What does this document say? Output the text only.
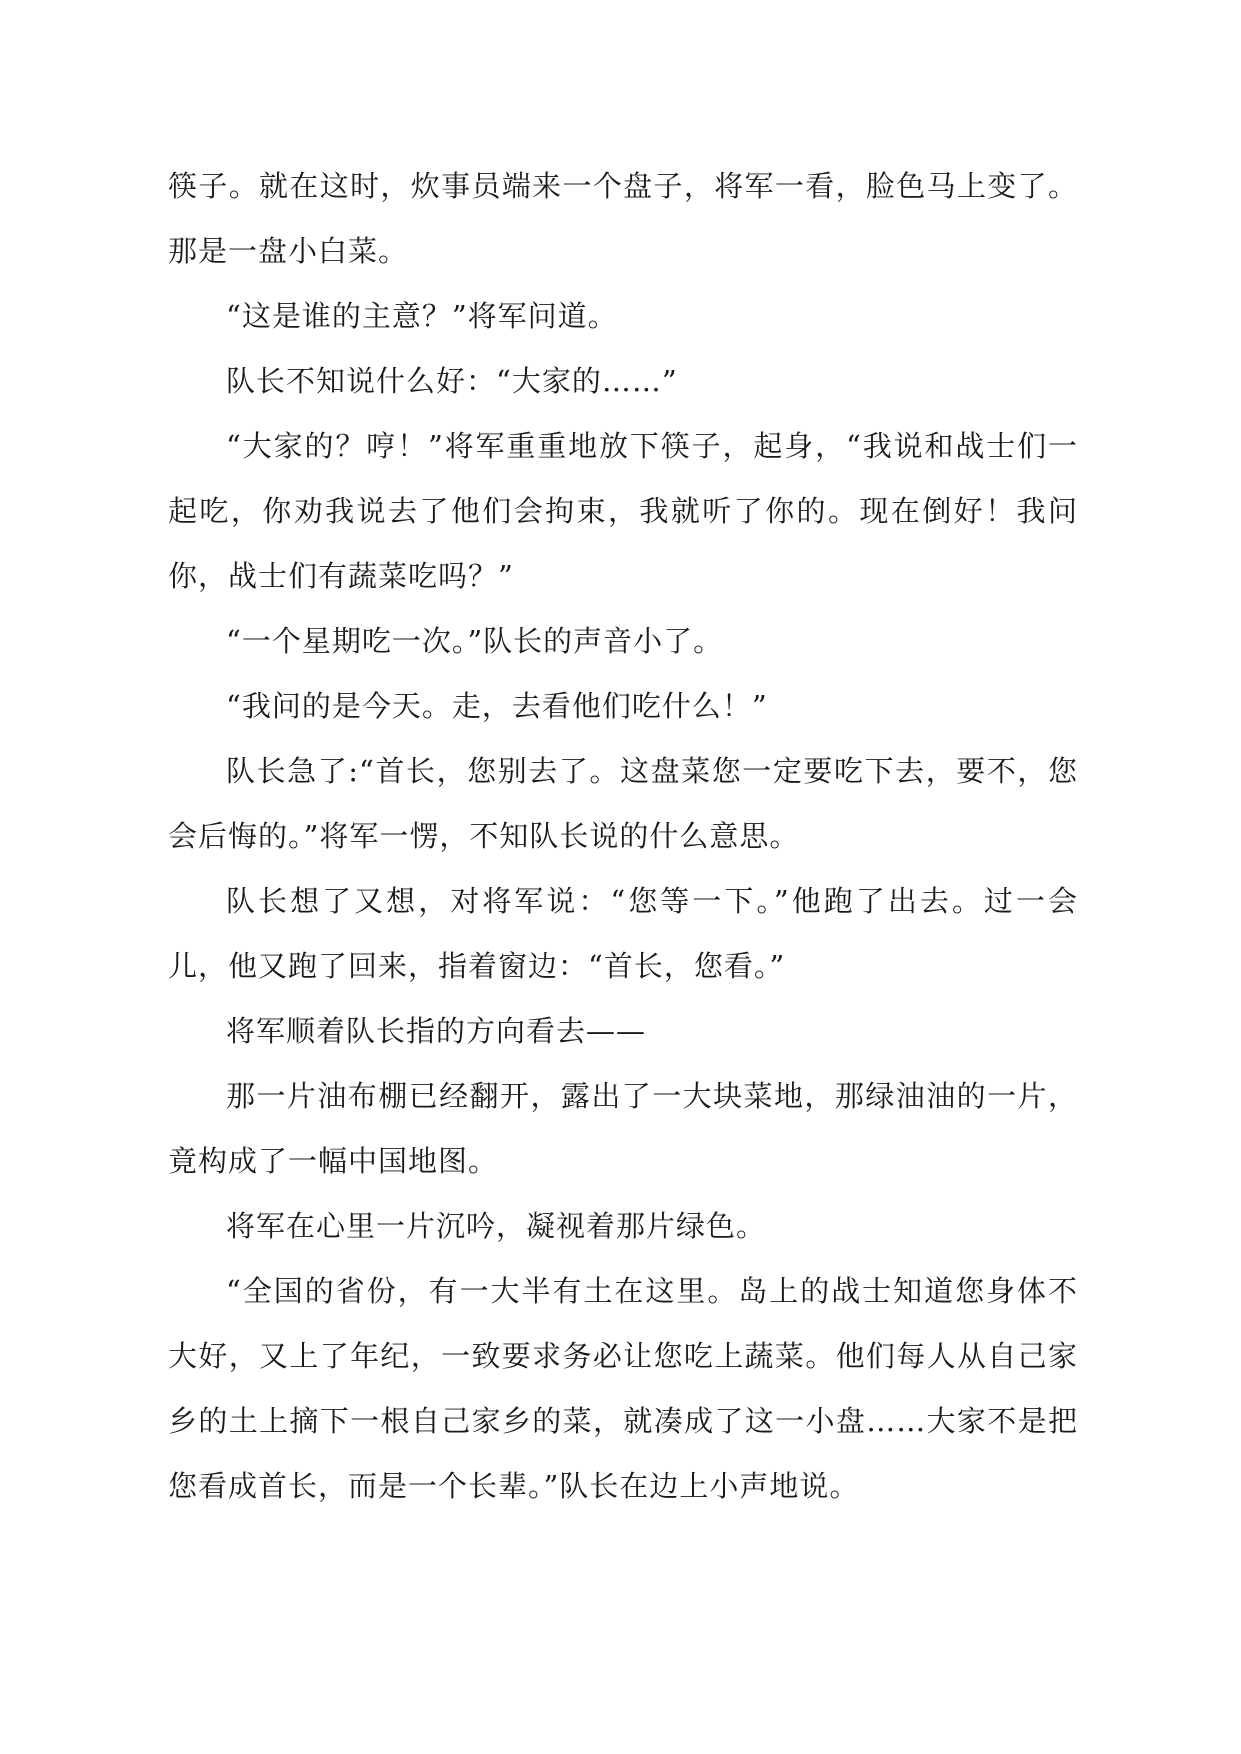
筷子。就在这时，炊事员端来一个盘子，将军一看，脸色马上变了。那是一盘小白菜。

“这是谁的主意？”将军问道。

队长不知说什么好：“大家的……”

“大家的？哼！”将军重重地放下筷子，起身，“我说和战士们一起吃，你劝我说去了他们会拘束，我就听了你的。现在倒好！我问你，战士们有蔬菜吃吗？”

“一个星期吃一次。”队长的声音小了。

“我问的是今天。走，去看他们吃什么！”

队长急了:“首长，您别去了。这盘菜您一定要吃下去，要不，您会后悔的。”将军一愣，不知队长说的什么意思。

队长想了又想，对将军说：“您等一下。”他跑了出去。过一会儿，他又跑了回来，指着窗边：“首长，您看。”

将军顺着队长指的方向看去——

那一片油布棚已经翻开，露出了一大块菜地，那绿油油的一片，竟构成了一幅中国地图。

将军在心里一片沉吟，凝视着那片绿色。

“全国的省份，有一大半有土在这里。岛上的战士知道您身体不大好，又上了年纪，一致要求务必让您吃上蔬菜。他们每人从自己家乡的土上摘下一根自己家乡的菜，就凑成了这一小盘……大家不是把您看成首长，而是一个长辈。”队长在边上小声地说。
